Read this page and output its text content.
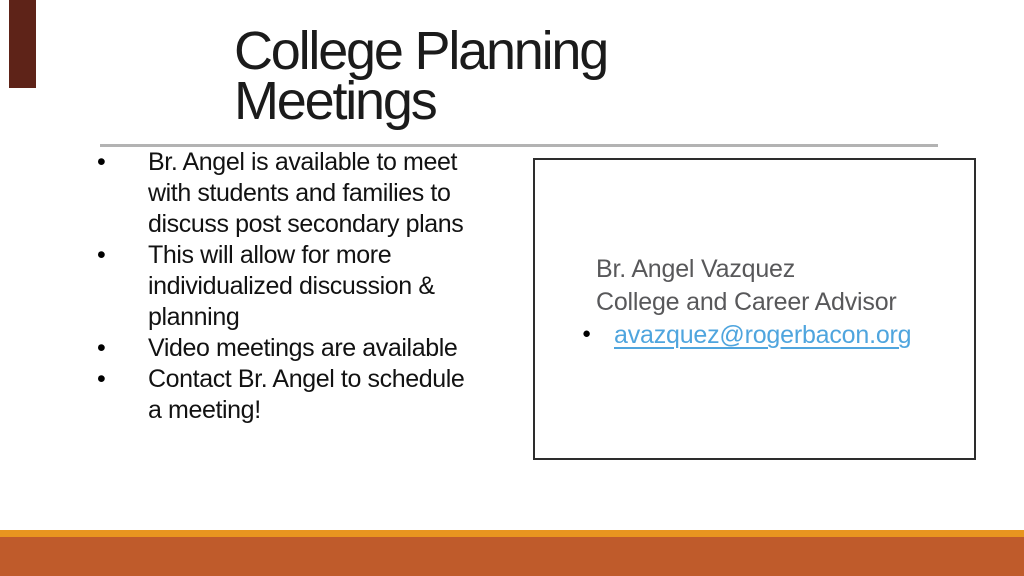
College Planning
Meetings
• Br. Angel is available to meet
with students and families to
discuss post secondary plans
• This will allow for more
individualized discussion &
planning
• Video meetings are available
• Contact Br. Angel to schedule
a meeting!
Br. Angel Vazquez
College and Career Advisor
● avazquez@rogerbacon.org
